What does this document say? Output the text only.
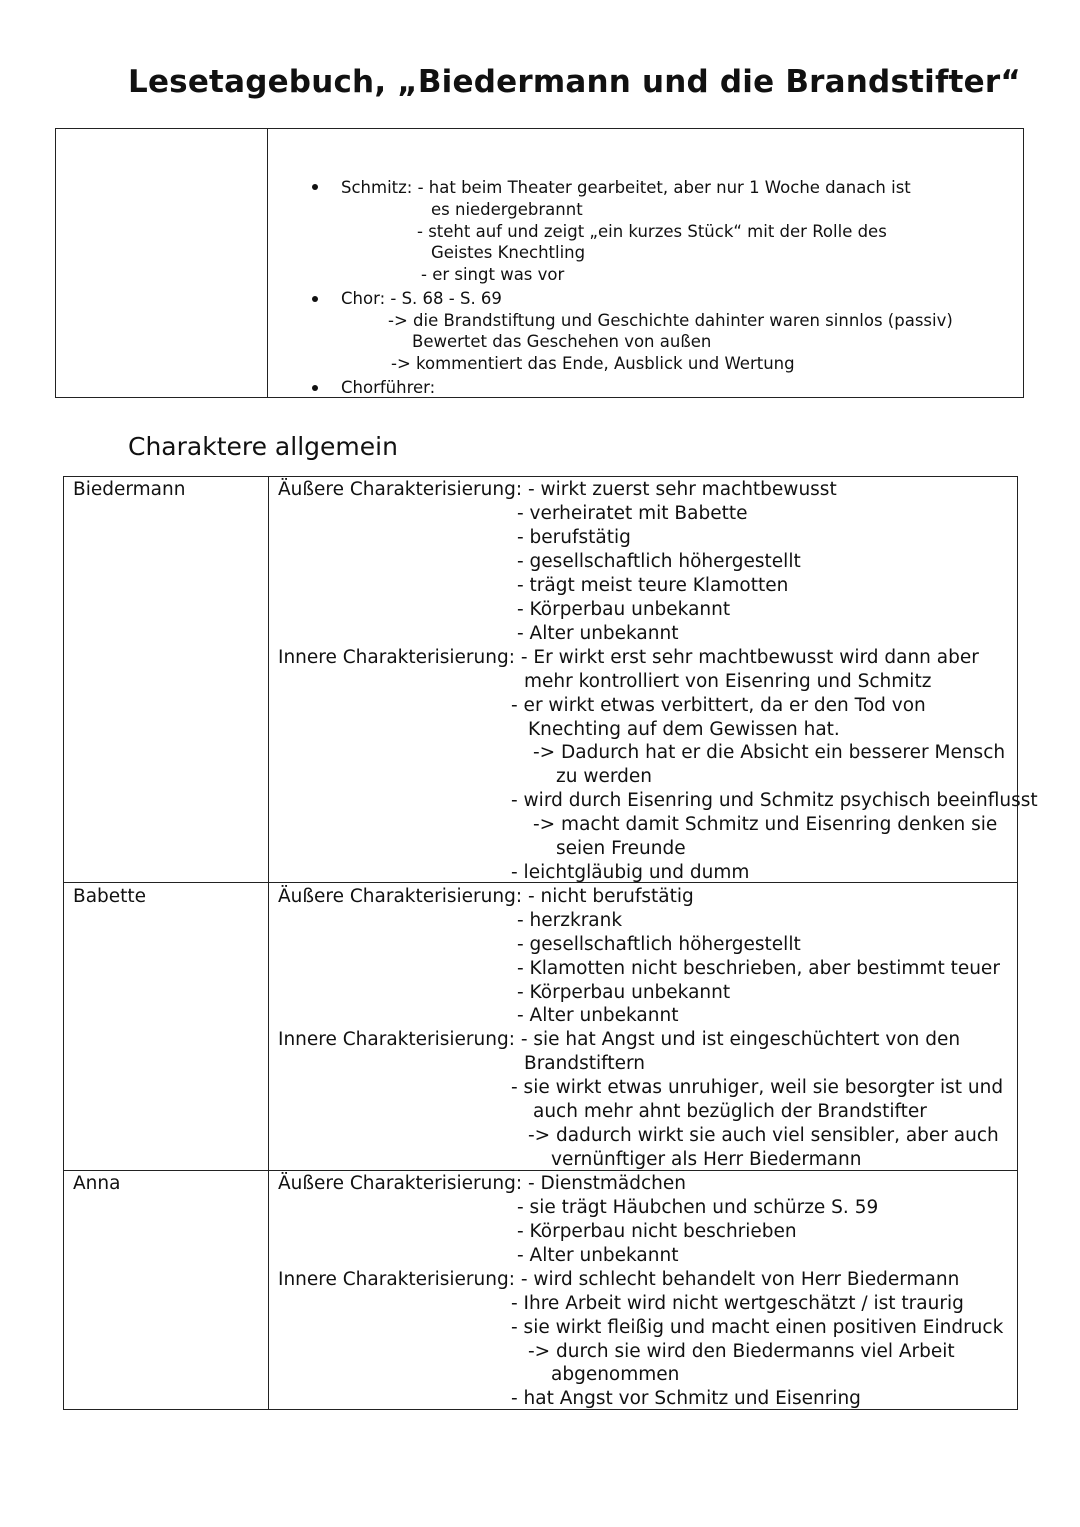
Lesetagebuch, „Biedermann und die Brandstifter“
Schmitz: - hat beim Theater gearbeitet, aber nur 1 Woche danach ist
es niedergebrannt
- steht auf und zeigt „ein kurzes Stück“ mit der Rolle des
Geistes Knechtling
- er singt was vor
Chor: - S. 68 - S. 69
-> die Brandstiftung und Geschichte dahinter waren sinnlos (passiv)
Bewertet das Geschehen von außen
-> kommentiert das Ende, Ausblick und Wertung
Chorführer:
Charaktere allgemein
Biedermann	Äußere Charakterisierung: - wirkt zuerst sehr machtbewusst
- verheiratet mit Babette
- berufstätig
- gesellschaftlich höhergestellt
- trägt meist teure Klamotten
- Körperbau unbekannt
- Alter unbekannt
Innere Charakterisierung: - Er wirkt erst sehr machtbewusst wird dann aber
mehr kontrolliert von Eisenring und Schmitz
- er wirkt etwas verbittert, da er den Tod von
Knechting auf dem Gewissen hat.
-> Dadurch hat er die Absicht ein besserer Mensch
zu werden
- wird durch Eisenring und Schmitz psychisch beeinflusst
-> macht damit Schmitz und Eisenring denken sie
seien Freunde
- leichtgläubig und dumm
Babette	Äußere Charakterisierung: - nicht berufstätig
- herzkrank
- gesellschaftlich höhergestellt
- Klamotten nicht beschrieben, aber bestimmt teuer
- Körperbau unbekannt
- Alter unbekannt
Innere Charakterisierung: - sie hat Angst und ist eingeschüchtert von den
Brandstiftern
- sie wirkt etwas unruhiger, weil sie besorgter ist und
auch mehr ahnt bezüglich der Brandstifter
-> dadurch wirkt sie auch viel sensibler, aber auch
vernünftiger als Herr Biedermann
Anna	Äußere Charakterisierung: - Dienstmädchen
- sie trägt Häubchen und schürze S. 59
- Körperbau nicht beschrieben
- Alter unbekannt
Innere Charakterisierung: - wird schlecht behandelt von Herr Biedermann
- Ihre Arbeit wird nicht wertgeschätzt / ist traurig
- sie wirkt fleißig und macht einen positiven Eindruck
-> durch sie wird den Biedermanns viel Arbeit
abgenommen
- hat Angst vor Schmitz und Eisenring
